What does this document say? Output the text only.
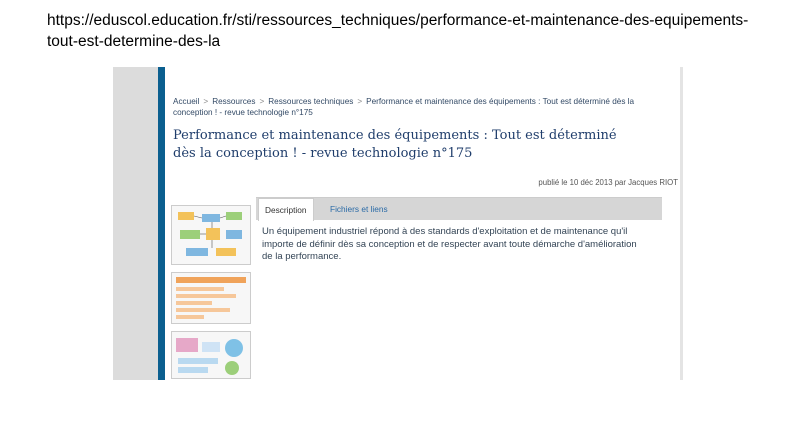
https://eduscol.education.fr/sti/ressources_techniques/performance-et-maintenance-des-equipements-tout-est-determine-des-la
Accueil > Ressources > Ressources techniques > Performance et maintenance des équipements : Tout est déterminé dès la conception ! - revue technologie n°175
Performance et maintenance des équipements : Tout est déterminé dès la conception ! - revue technologie n°175
publié le 10 déc 2013 par Jacques RIOT
Description	Fichiers et liens
Un équipement industriel répond à des standards d'exploitation et de maintenance qu'il importe de définir dès sa conception et de respecter avant toute démarche d'amélioration de la performance.
